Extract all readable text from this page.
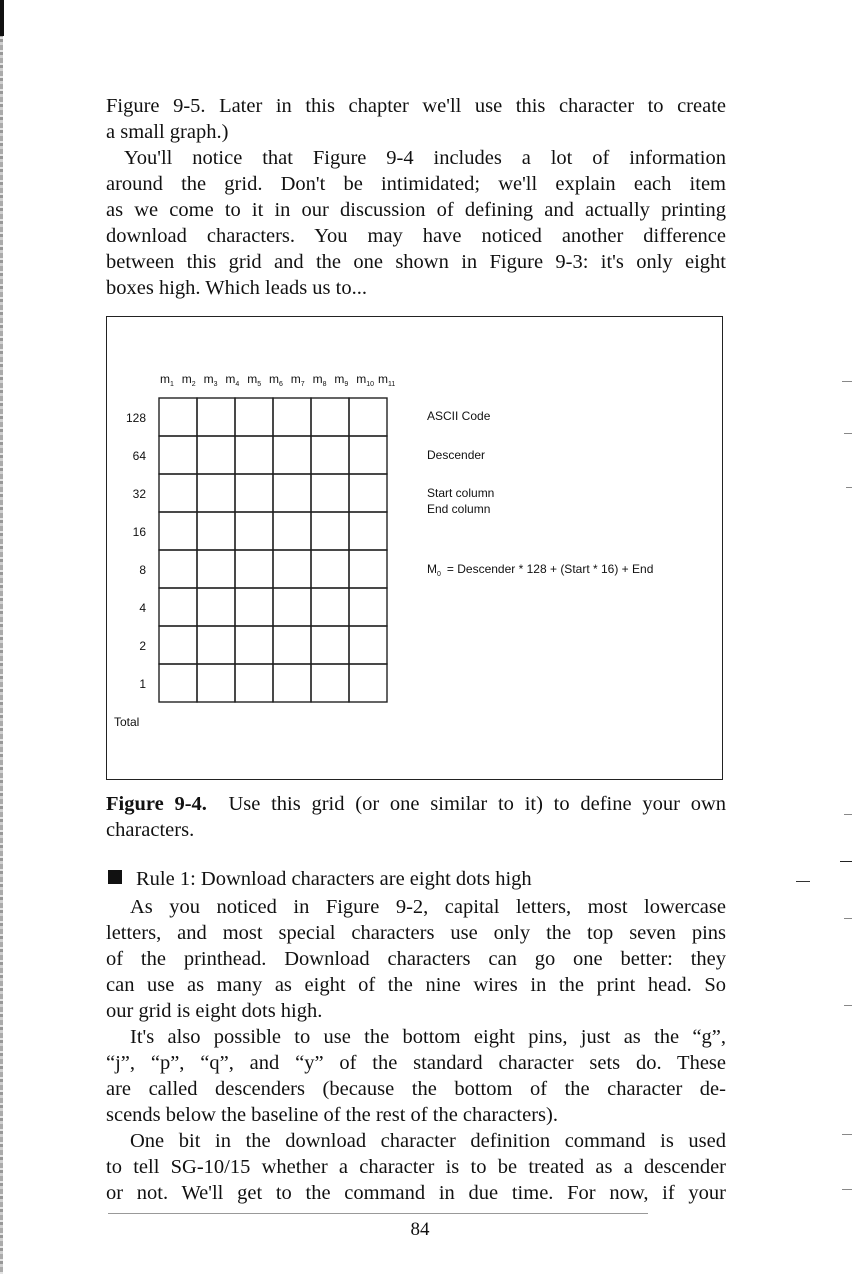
Figure 9-5. Later in this chapter we'll use this character to create
a small graph.)
You'll notice that Figure 9-4 includes a lot of information
around the grid. Don't be intimidated; we'll explain each item
as we come to it in our discussion of defining and actually printing
download characters. You may have noticed another difference
between this grid and the one shown in Figure 9-3: it's only eight
boxes high. Which leads us to...
128
64
32
16
8
4
2
1
Total
$m_1$ $m_2$ $m_3$ $m_4$ $m_5$ $m_6$ $m_7$ $m_8$ $m_9$ $m_{10}$ $m_{11}$
ASCII Code
Descender
Start column
End column
$M_0$ = Descender * 128 + (Start * 16) + End
Figure 9-4. Use this grid (or one similar to it) to define your own
characters.
Rule 1: Download characters are eight dots high
As you noticed in Figure 9-2, capital letters, most lowercase
letters, and most special characters use only the top seven pins
of the printhead. Download characters can go one better: they
can use as many as eight of the nine wires in the print head. So
our grid is eight dots high.
It's also possible to use the bottom eight pins, just as the “g”,
“j”, “p”, “q”, and “y” of the standard character sets do. These
are called descenders (because the bottom of the character de-
scends below the baseline of the rest of the characters).
One bit in the download character definition command is used
to tell SG-10/15 whether a character is to be treated as a descender
or not. We'll get to the command in due time. For now, if your
84
